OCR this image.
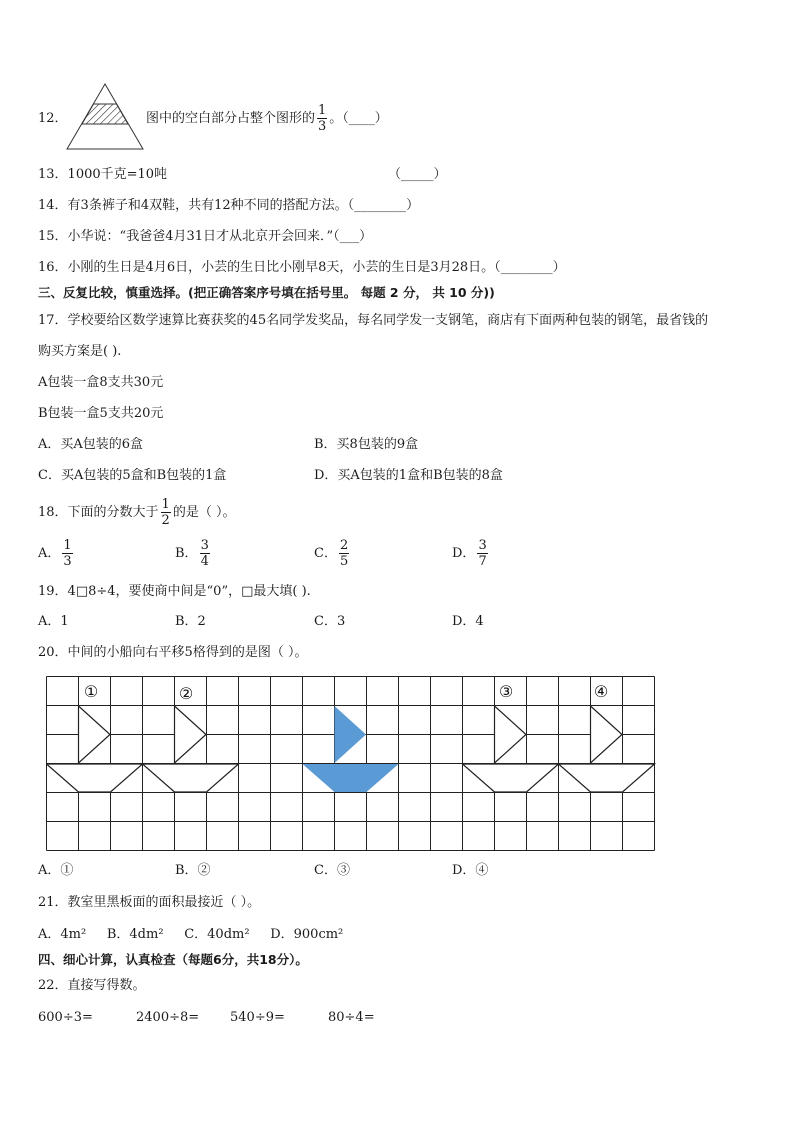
12．	图中的空白部分占整个图形的 $\frac{1}{3}$ 。（____）
13．1000千克=10吨	（_____）
14．有3条裤子和4双鞋，共有12种不同的搭配方法。（________）
15．小华说：“我爸爸4月31日才从北京开会回来．”（___）
16．小刚的生日是4月6日，小芸的生日比小刚早8天，小芸的生日是3月28日。（________）
三、反复比较，慎重选择。(把正确答案序号填在括号里。 每题 2 分， 共 10 分))
17．学校要给区数学速算比赛获奖的45名同学发奖品，每名同学发一支钢笔，商店有下面两种包装的钢笔，最省钱的
购买方案是( ).
A包装一盒8支共30元
B包装一盒5支共20元
A．买A包装的6盒	B．买8包装的9盒
C．买A包装的5盒和B包装的1盒	D．买A包装的1盒和B包装的8盒
18．下面的分数大于 $\frac{1}{2}$ 的是（ ）。
A． $\frac{1}{3}$	B． $\frac{3}{4}$	C． $\frac{2}{5}$	D． $\frac{3}{7}$
19．4□8÷4，要使商中间是“0”，□最大填( ).
A．1	B．2	C．3	D．4
20．中间的小船向右平移5格得到的是图（ ）。
①	②	③	④
A．①	B．②	C．③	D．④
21．教室里黑板面的面积最接近（ ）。
A．4m²     B．4dm²     C．40dm²     D．900cm²
四、细心计算，认真检查（每题6分，共18分）。
22．直接写得数。
600÷3=	2400÷8= 540÷9=	80÷4=
